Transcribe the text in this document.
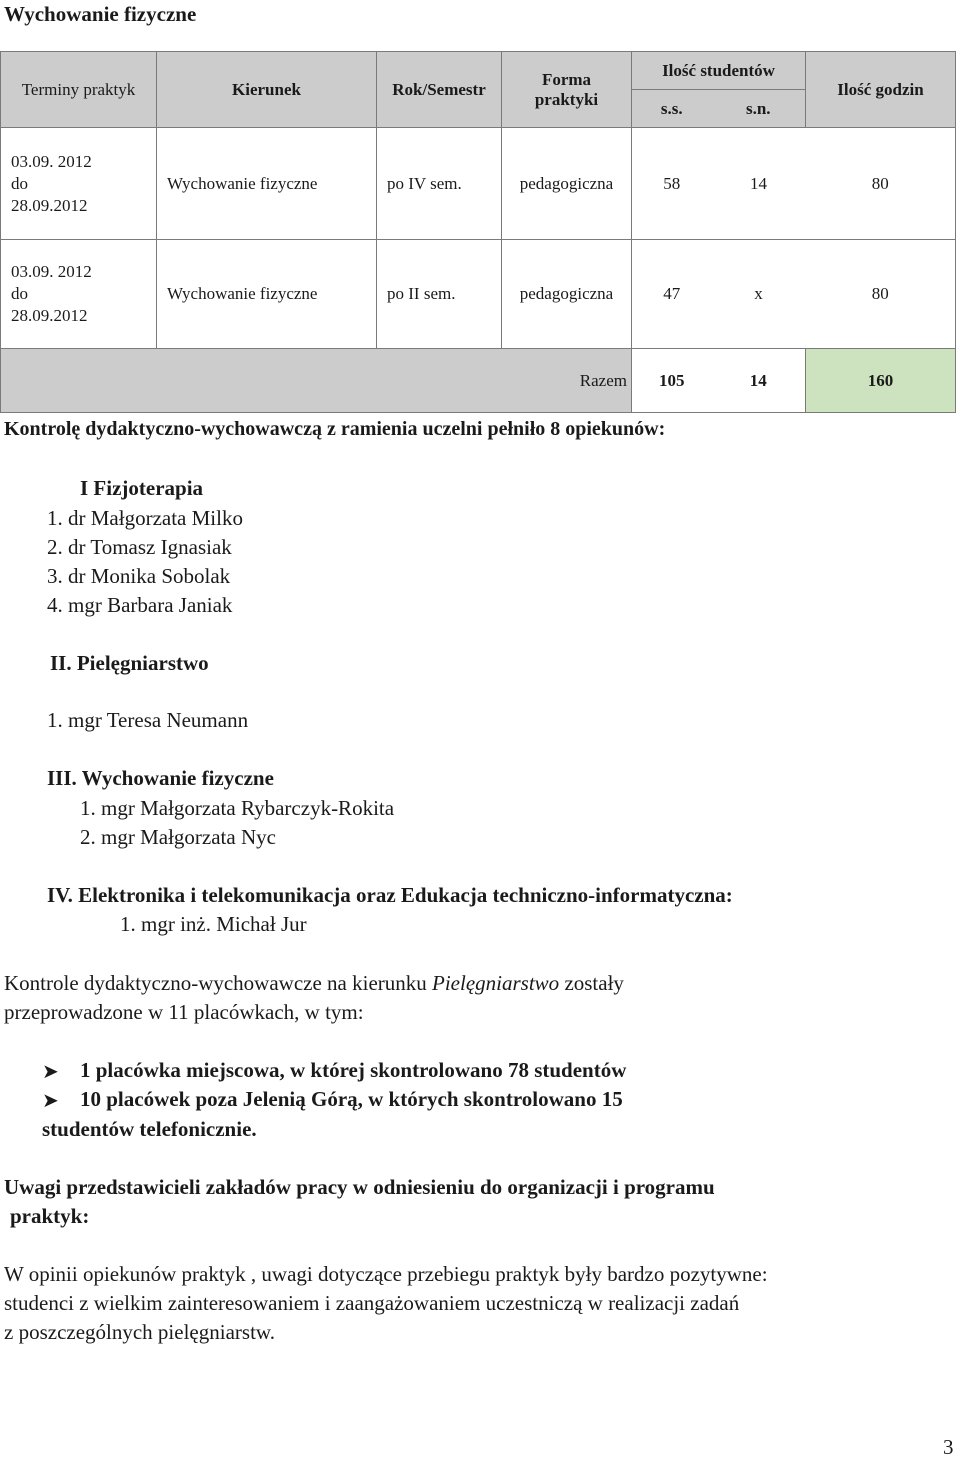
Wychowanie fizyczne
Terminy praktyk	Kierunek	Rok/Semestr	Forma praktyki	Ilość studentów		Ilość godzin
				s.s.	s.n.	

03.09. 2012
do
28.09.2012	Wychowanie fizyczne	po IV sem.	pedagogiczna	58	14	80

03.09. 2012
do
28.09.2012	Wychowanie fizyczne	po II sem.	pedagogiczna	47	x	80
Razem				105	14	160
Kontrolę dydaktyczno-wychowawczą z ramienia uczelni pełniło 8 opiekunów:
I Fizjoterapia
1. dr Małgorzata Milko
2. dr Tomasz Ignasiak
3. dr Monika Sobolak
4. mgr Barbara Janiak
II. Pielęgniarstwo
1. mgr Teresa Neumann
III. Wychowanie fizyczne
1. mgr Małgorzata Rybarczyk-Rokita
2. mgr Małgorzata Nyc
IV. Elektronika i telekomunikacja oraz Edukacja techniczno-informatyczna:
1. mgr inż. Michał Jur
Kontrole dydaktyczno-wychowawcze na kierunku Pielęgniarstwo zostały
przeprowadzone w 11 placówkach, w tym:
➤ 1 placówka miejscowa, w której skontrolowano 78 studentów
➤ 10 placówek poza Jelenią Górą, w których skontrolowano 15
studentów telefonicznie.
Uwagi przedstawicieli zakładów pracy w odniesieniu do organizacji i programu
praktyk:
W opinii opiekunów praktyk , uwagi dotyczące przebiegu praktyk były bardzo pozytywne:
studenci z wielkim zainteresowaniem i zaangażowaniem uczestniczą w realizacji zadań
z poszczególnych pielęgniarstw.
3
